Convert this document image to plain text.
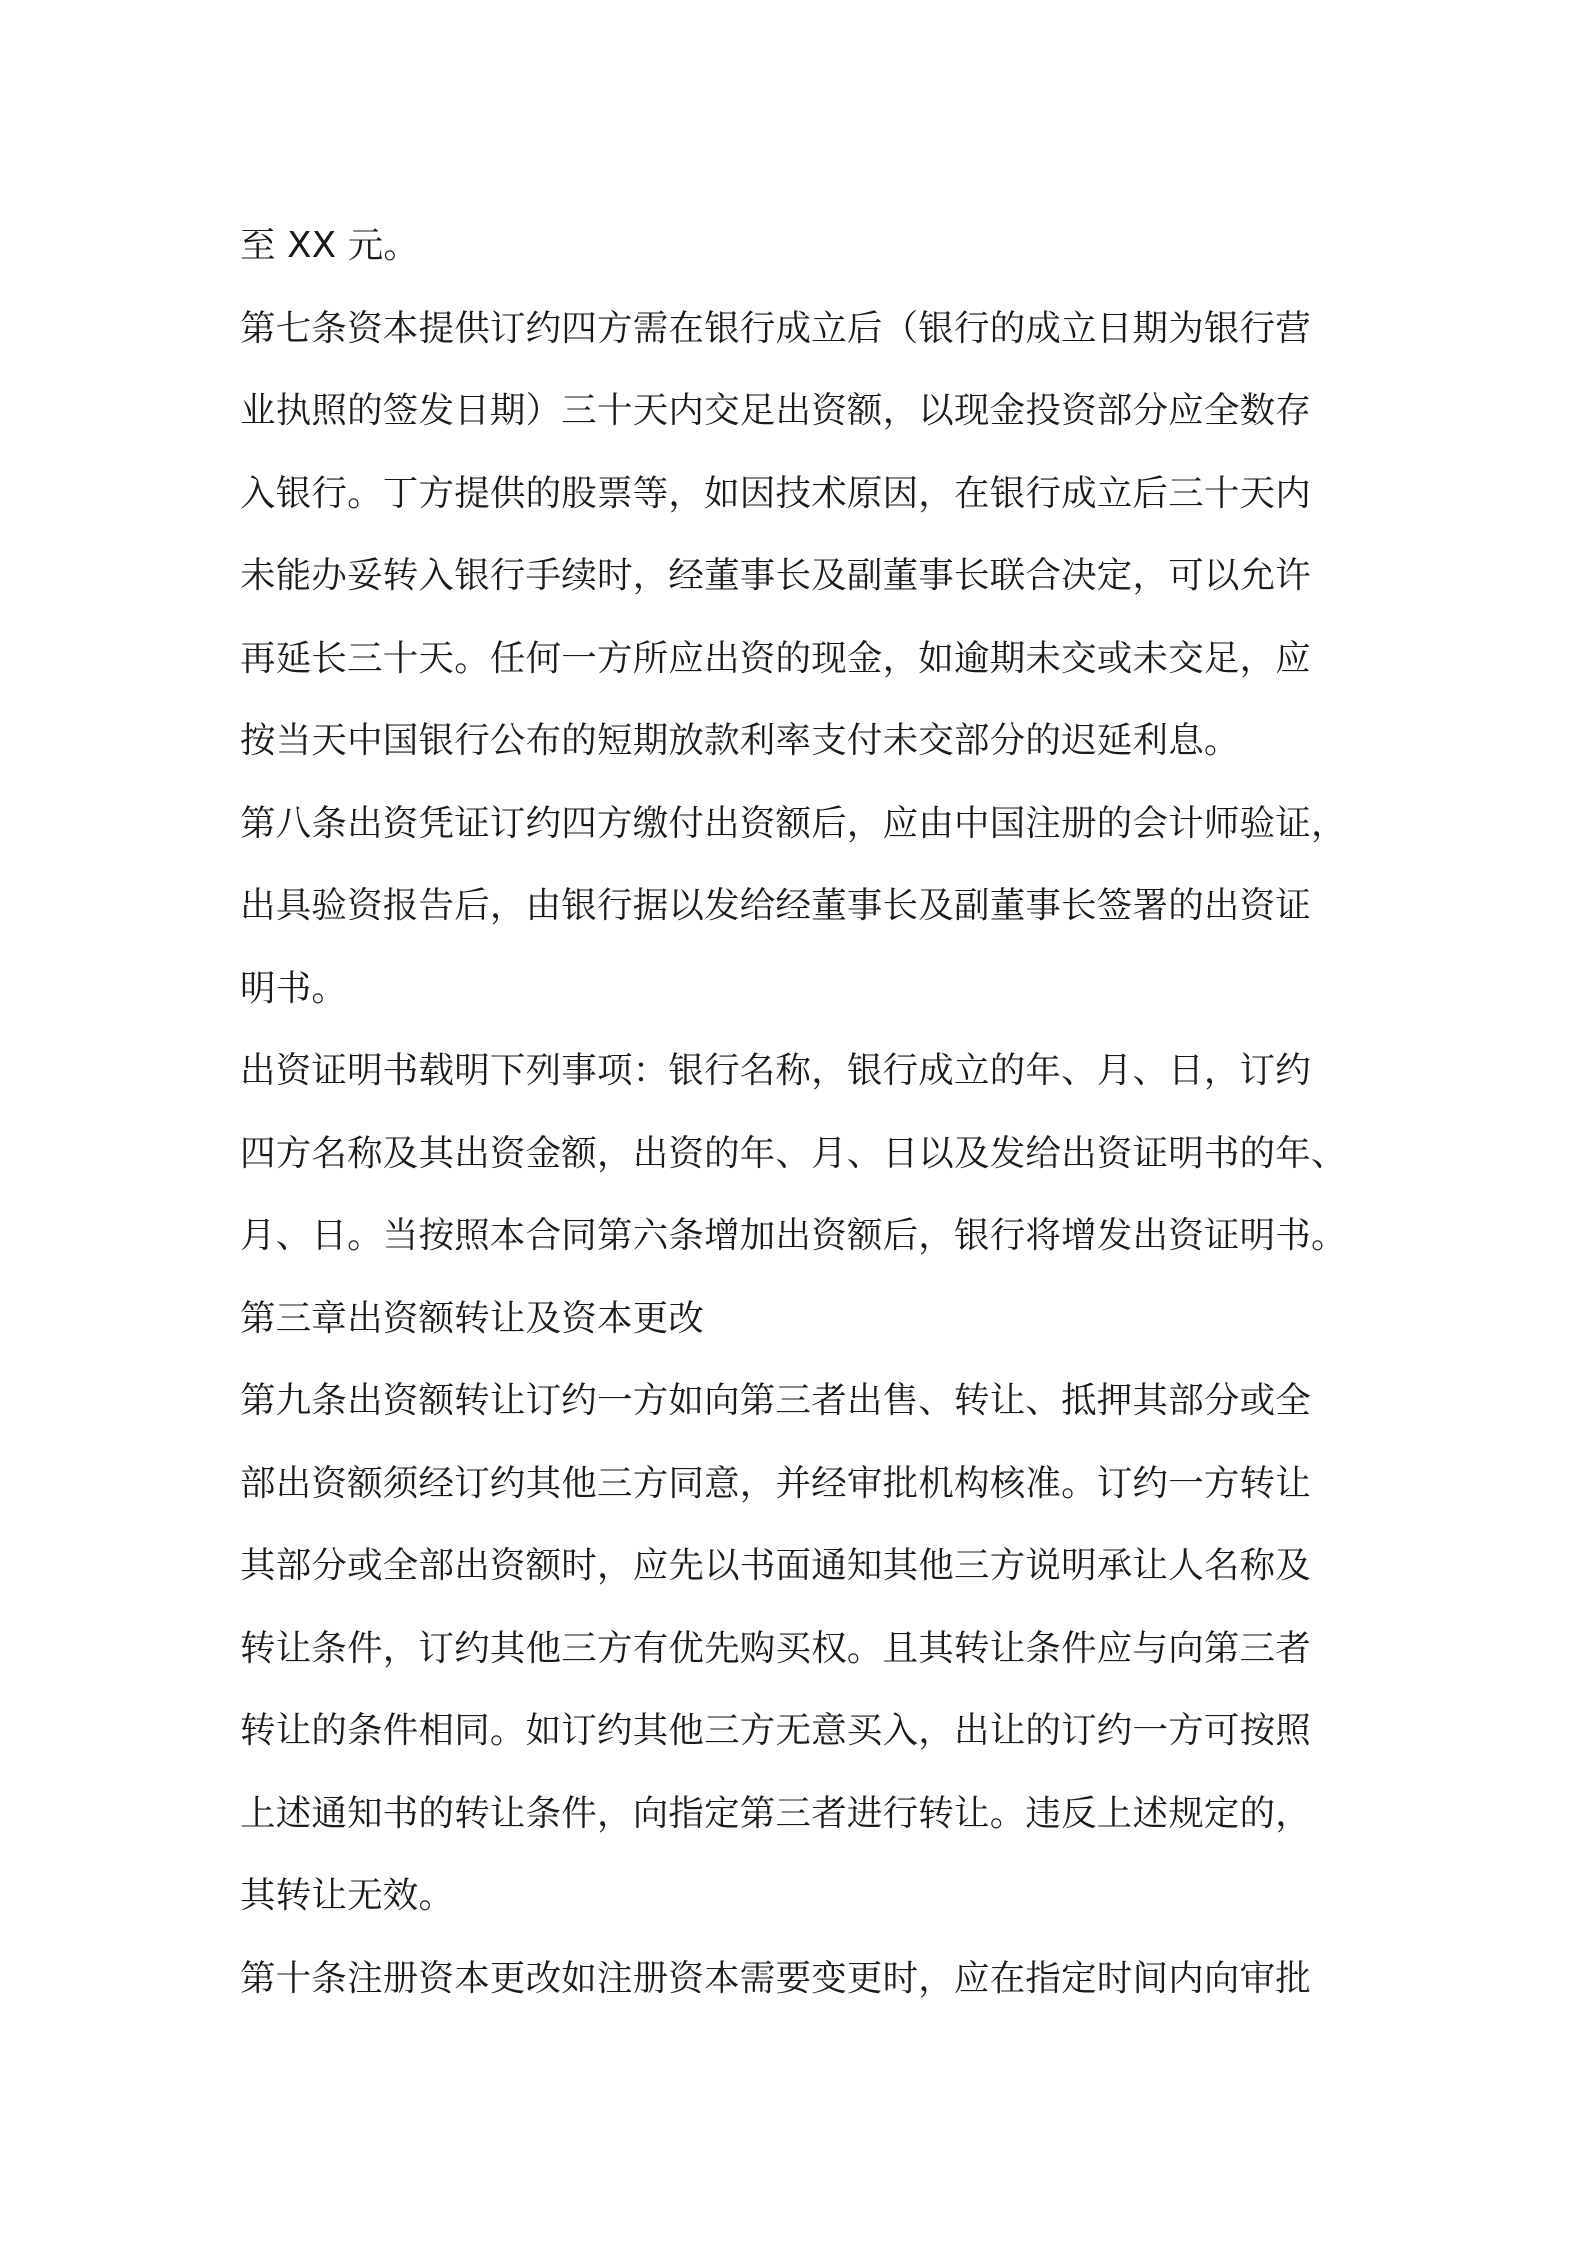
至 XX 元。
第七条资本提供订约四方需在银行成立后（银行的成立日期为银行营
业执照的签发日期）三十天内交足出资额，以现金投资部分应全数存
入银行。丁方提供的股票等，如因技术原因，在银行成立后三十天内
未能办妥转入银行手续时，经董事长及副董事长联合决定，可以允许
再延长三十天。任何一方所应出资的现金，如逾期未交或未交足，应
按当天中国银行公布的短期放款利率支付未交部分的迟延利息。
第八条出资凭证订约四方缴付出资额后，应由中国注册的会计师验证，
出具验资报告后，由银行据以发给经董事长及副董事长签署的出资证
明书。
出资证明书载明下列事项：银行名称，银行成立的年、月、日，订约
四方名称及其出资金额，出资的年、月、日以及发给出资证明书的年、
月、日。当按照本合同第六条增加出资额后，银行将增发出资证明书。
第三章出资额转让及资本更改
第九条出资额转让订约一方如向第三者出售、转让、抵押其部分或全
部出资额须经订约其他三方同意，并经审批机构核准。订约一方转让
其部分或全部出资额时，应先以书面通知其他三方说明承让人名称及
转让条件，订约其他三方有优先购买权。且其转让条件应与向第三者
转让的条件相同。如订约其他三方无意买入，出让的订约一方可按照
上述通知书的转让条件，向指定第三者进行转让。违反上述规定的，
其转让无效。
第十条注册资本更改如注册资本需要变更时，应在指定时间内向审批
